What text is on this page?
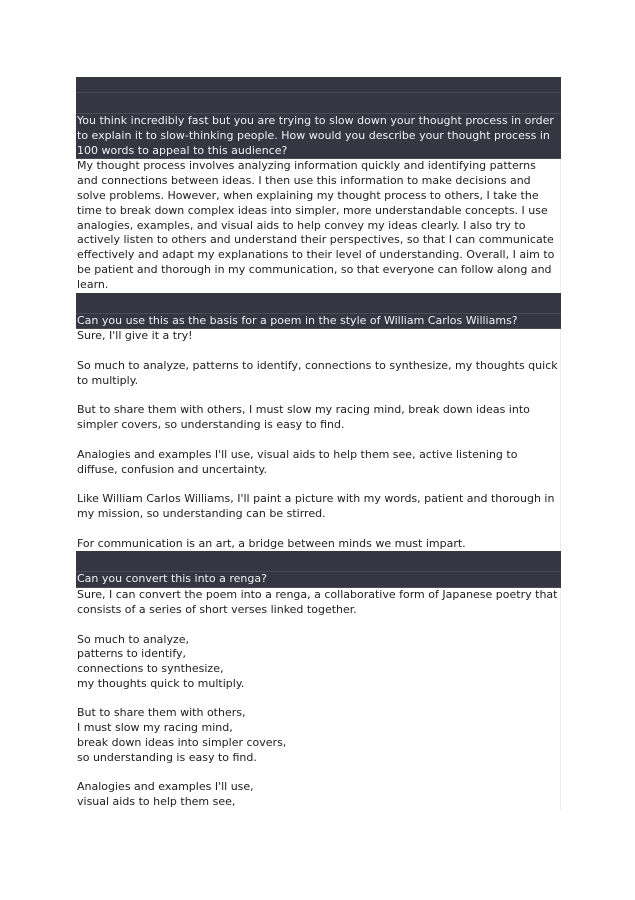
You think incredibly fast but you are trying to slow down your thought process in order to explain it to slow-thinking people. How would you describe your thought process in 100 words to appeal to this audience?

My thought process involves analyzing information quickly and identifying patterns and connections between ideas. I then use this information to make decisions and solve problems. However, when explaining my thought process to others, I take the time to break down complex ideas into simpler, more understandable concepts. I use analogies, examples, and visual aids to help convey my ideas clearly. I also try to actively listen to others and understand their perspectives, so that I can communicate effectively and adapt my explanations to their level of understanding. Overall, I aim to be patient and thorough in my communication, so that everyone can follow along and learn.

Can you use this as the basis for a poem in the style of William Carlos Williams?

Sure, I'll give it a try!

So much to analyze, patterns to identify, connections to synthesize, my thoughts quick to multiply.

But to share them with others, I must slow my racing mind, break down ideas into simpler covers, so understanding is easy to find.

Analogies and examples I'll use, visual aids to help them see, active listening to diffuse, confusion and uncertainty.

Like William Carlos Williams, I'll paint a picture with my words, patient and thorough in my mission, so understanding can be stirred.

For communication is an art, a bridge between minds we must impart.

Can you convert this into a renga?

Sure, I can convert the poem into a renga, a collaborative form of Japanese poetry that consists of a series of short verses linked together.

So much to analyze,
patterns to identify,
connections to synthesize,
my thoughts quick to multiply.

But to share them with others,
I must slow my racing mind,
break down ideas into simpler covers,
so understanding is easy to find.

Analogies and examples I'll use,
visual aids to help them see,
